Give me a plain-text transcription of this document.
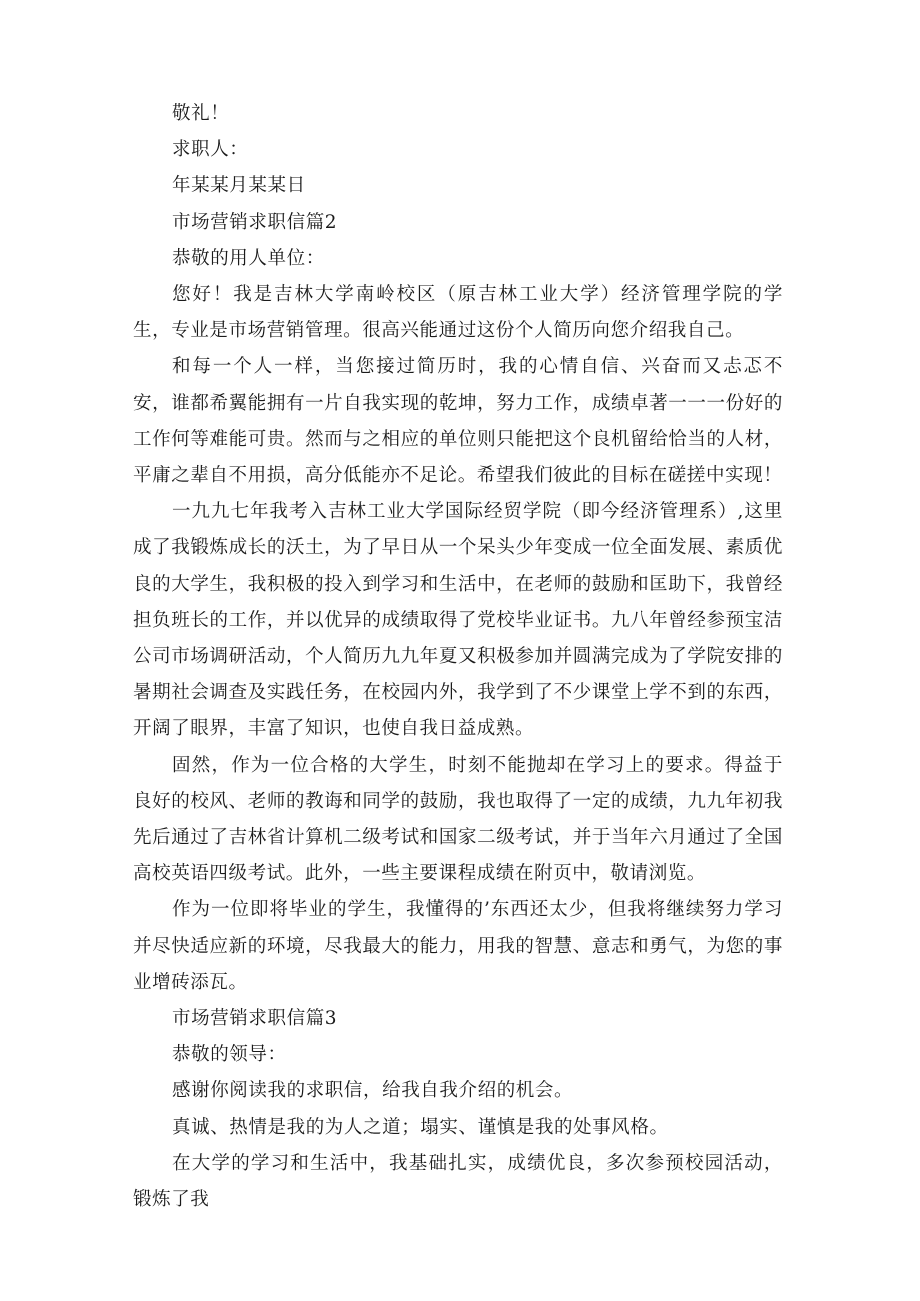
敬礼！

求职人：

年某某月某某日

市场营销求职信篇2

恭敬的用人单位：

您好！我是吉林大学南岭校区（原吉林工业大学）经济管理学院的学生，专业是市场营销管理。很高兴能通过这份个人简历向您介绍我自己。

和每一个人一样，当您接过简历时，我的心情自信、兴奋而又忐忑不安，谁都希翼能拥有一片自我实现的乾坤，努力工作，成绩卓著一一一份好的工作何等难能可贵。然而与之相应的单位则只能把这个良机留给恰当的人材，平庸之辈自不用损，高分低能亦不足论。希望我们彼此的目标在磋搓中实现！

一九九七年我考入吉林工业大学国际经贸学院（即今经济管理系）,这里成了我锻炼成长的沃土，为了早日从一个呆头少年变成一位全面发展、素质优良的大学生，我积极的投入到学习和生活中，在老师的鼓励和匡助下，我曾经担负班长的工作，并以优异的成绩取得了党校毕业证书。九八年曾经参预宝洁公司市场调研活动，个人简历九九年夏又积极参加并圆满完成为了学院安排的暑期社会调查及实践任务，在校园内外，我学到了不少课堂上学不到的东西，开阔了眼界，丰富了知识，也使自我日益成熟。

固然，作为一位合格的大学生，时刻不能抛却在学习上的要求。得益于良好的校风、老师的教诲和同学的鼓励，我也取得了一定的成绩，九九年初我先后通过了吉林省计算机二级考试和国家二级考试，并于当年六月通过了全国高校英语四级考试。此外，一些主要课程成绩在附页中，敬请浏览。

作为一位即将毕业的学生，我懂得的’东西还太少，但我将继续努力学习并尽快适应新的环境，尽我最大的能力，用我的智慧、意志和勇气，为您的事业增砖添瓦。

市场营销求职信篇3

恭敬的领导：

感谢你阅读我的求职信，给我自我介绍的机会。

真诚、热情是我的为人之道；塌实、谨慎是我的处事风格。

在大学的学习和生活中，我基础扎实，成绩优良，多次参预校园活动，锻炼了我
